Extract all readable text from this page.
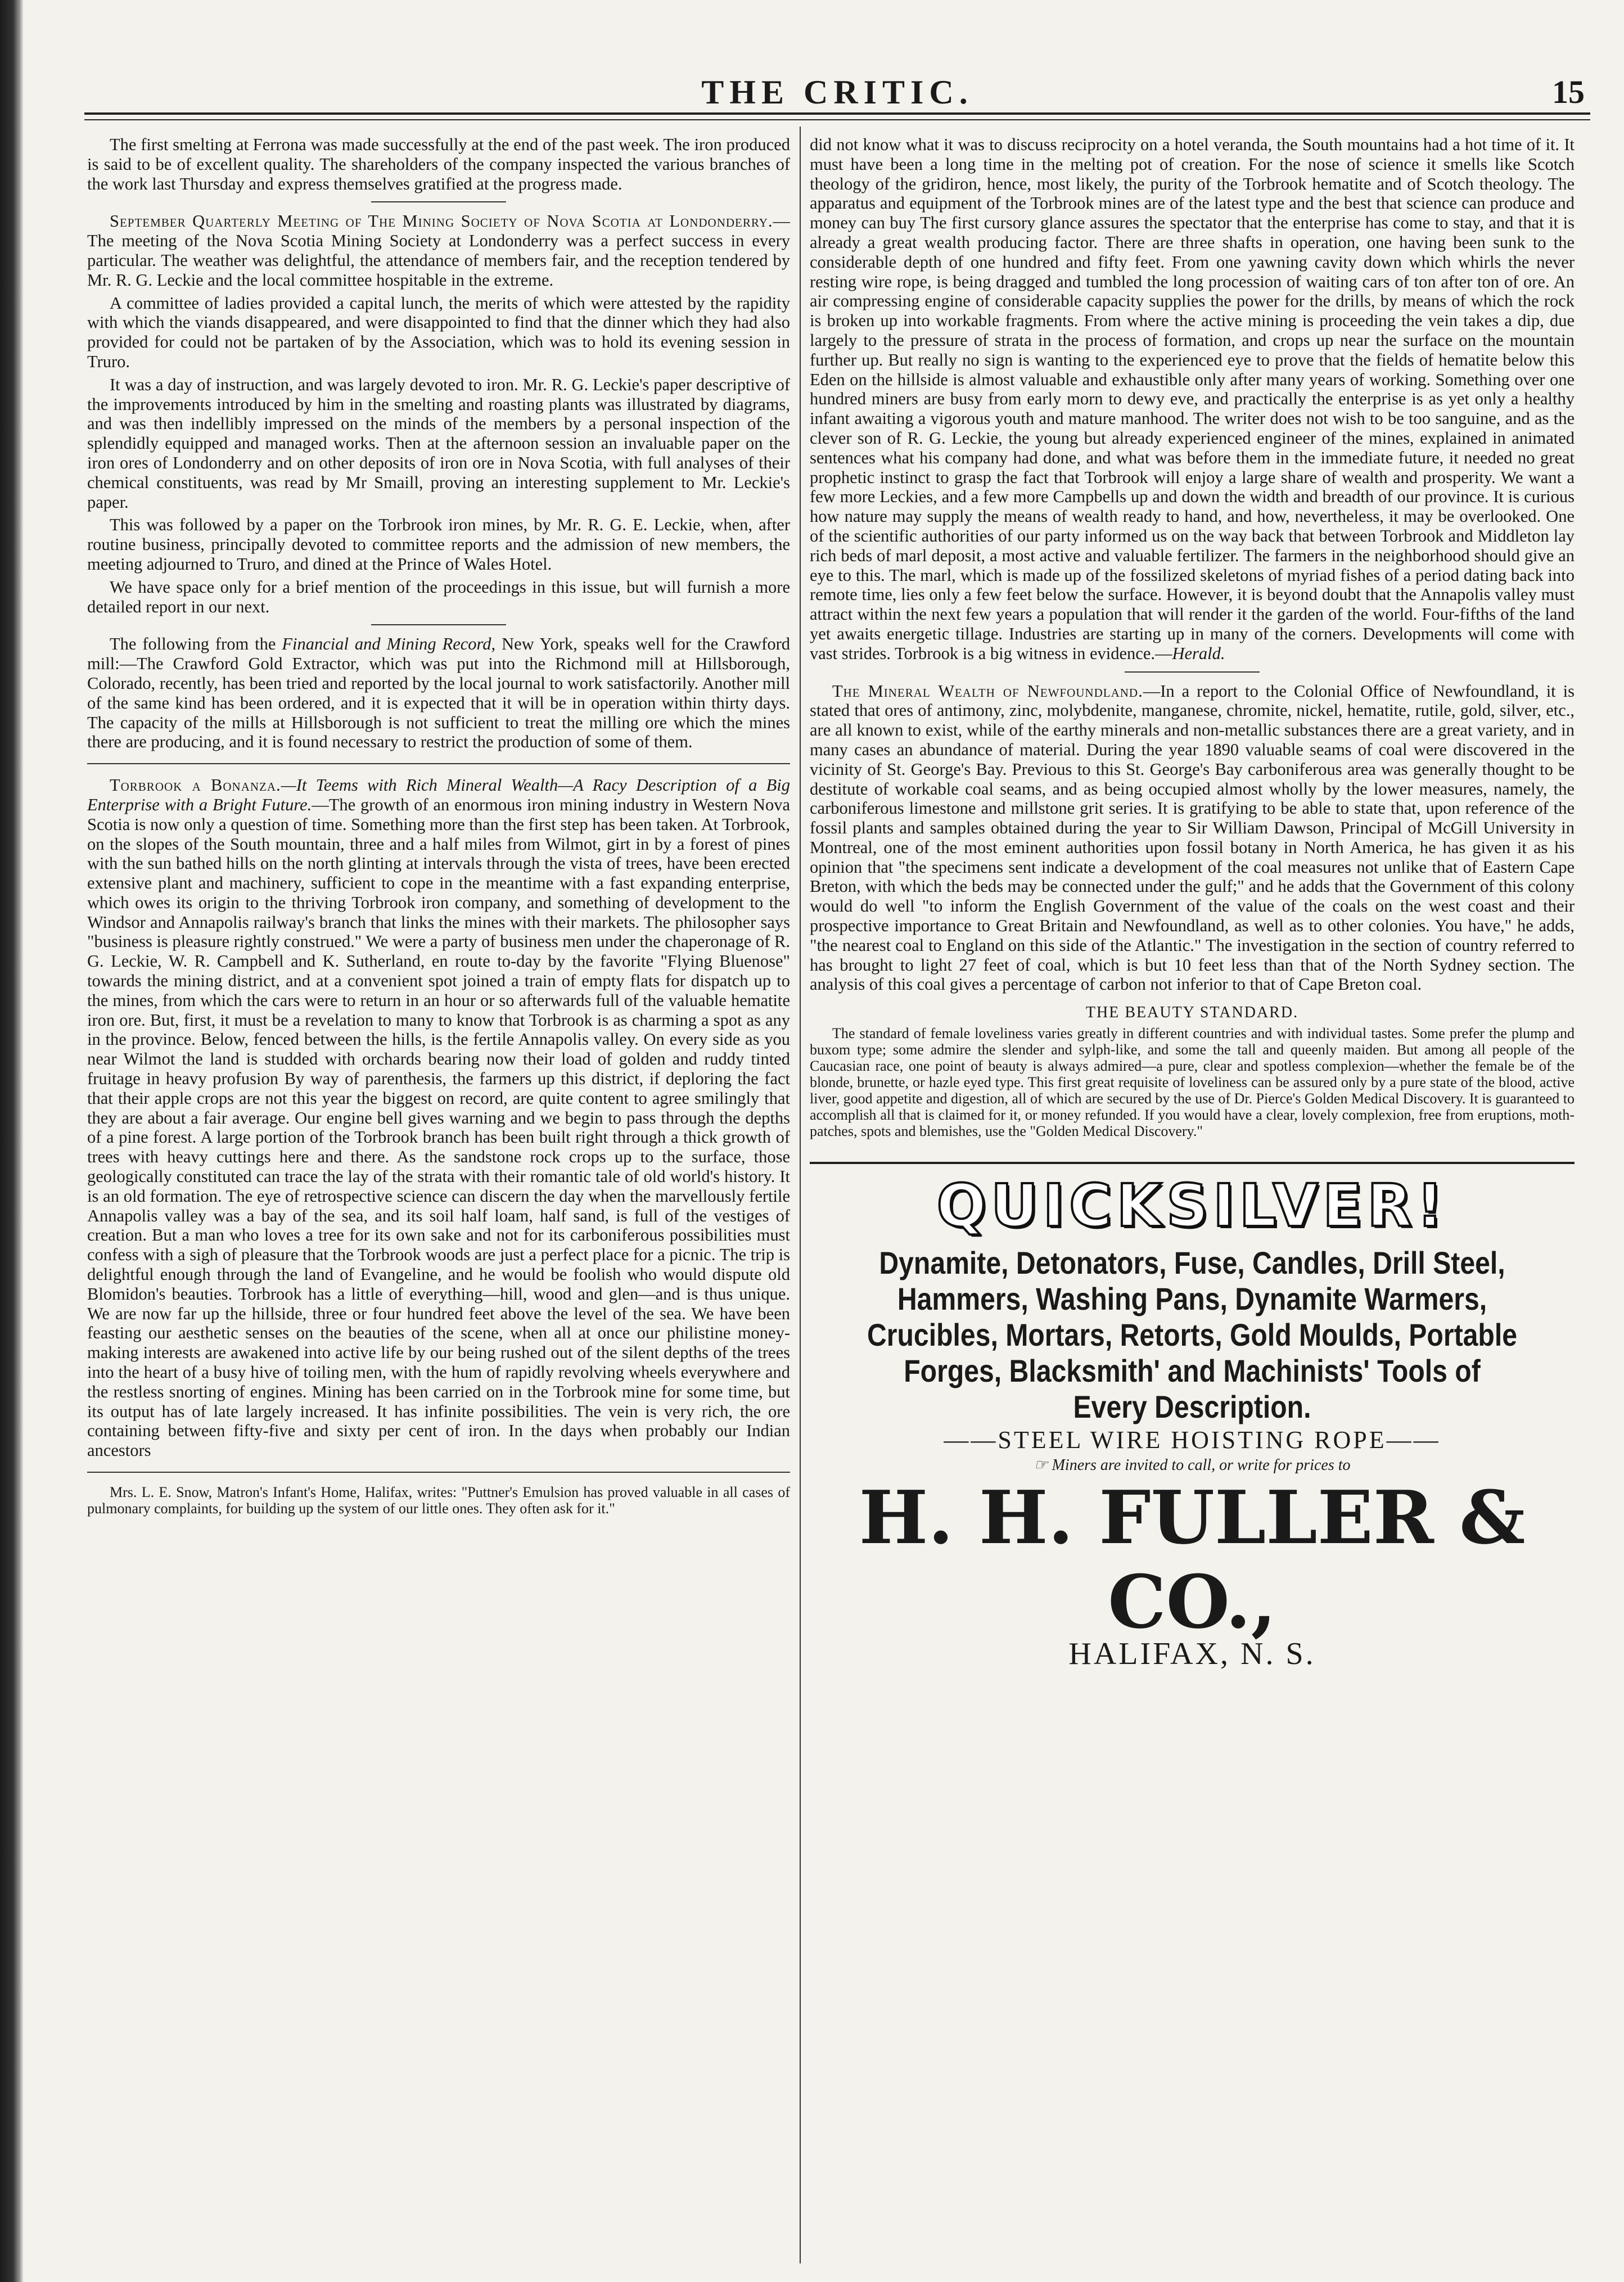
THE CRITIC.	15

The first smelting at Ferrona was made successfully at the end of the past week. The iron produced is said to be of excellent quality. The shareholders of the company inspected the various branches of the work last Thursday and express themselves gratified at the progress made.

September Quarterly Meeting of The Mining Society of Nova Scotia at Londonderry.—The meeting of the Nova Scotia Mining Society at Londonderry was a perfect success in every particular. The weather was delightful, the attendance of members fair, and the reception tendered by Mr. R. G. Leckie and the local committee hospitable in the extreme.

A committee of ladies provided a capital lunch, the merits of which were attested by the rapidity with which the viands disappeared, and were disappointed to find that the dinner which they had also provided for could not be partaken of by the Association, which was to hold its evening session in Truro.

It was a day of instruction, and was largely devoted to iron. Mr. R. G. Leckie's paper descriptive of the improvements introduced by him in the smelting and roasting plants was illustrated by diagrams, and was then indellibly impressed on the minds of the members by a personal inspection of the splendidly equipped and managed works. Then at the afternoon session an invaluable paper on the iron ores of Londonderry and on other deposits of iron ore in Nova Scotia, with full analyses of their chemical constituents, was read by Mr Smaill, proving an interesting supplement to Mr. Leckie's paper.

This was followed by a paper on the Torbrook iron mines, by Mr. R. G. E. Leckie, when, after routine business, principally devoted to committee reports and the admission of new members, the meeting adjourned to Truro, and dined at the Prince of Wales Hotel.

We have space only for a brief mention of the proceedings in this issue, but will furnish a more detailed report in our next.

The following from the Financial and Mining Record, New York, speaks well for the Crawford mill:—The Crawford Gold Extractor, which was put into the Richmond mill at Hillsborough, Colorado, recently, has been tried and reported by the local journal to work satisfactorily. Another mill of the same kind has been ordered, and it is expected that it will be in operation within thirty days. The capacity of the mills at Hillsborough is not sufficient to treat the milling ore which the mines there are producing, and it is found necessary to restrict the production of some of them.

Torbrook a Bonanza.—It Teems with Rich Mineral Wealth—A Racy Description of a Big Enterprise with a Bright Future.—The growth of an enormous iron mining industry in Western Nova Scotia is now only a question of time. Something more than the first step has been taken. At Torbrook, on the slopes of the South mountain, three and a half miles from Wilmot, girt in by a forest of pines with the sun bathed hills on the north glinting at intervals through the vista of trees, have been erected extensive plant and machinery, sufficient to cope in the meantime with a fast expanding enterprise, which owes its origin to the thriving Torbrook iron company, and something of development to the Windsor and Annapolis railway's branch that links the mines with their markets. The philosopher says "business is pleasure rightly construed." We were a party of business men under the chaperonage of R. G. Leckie, W. R. Campbell and K. Sutherland, en route to-day by the favorite "Flying Bluenose" towards the mining district, and at a convenient spot joined a train of empty flats for dispatch up to the mines, from which the cars were to return in an hour or so afterwards full of the valuable hematite iron ore. But, first, it must be a revelation to many to know that Torbrook is as charming a spot as any in the province. Below, fenced between the hills, is the fertile Annapolis valley. On every side as you near Wilmot the land is studded with orchards bearing now their load of golden and ruddy tinted fruitage in heavy profusion By way of parenthesis, the farmers up this district, if deploring the fact that their apple crops are not this year the biggest on record, are quite content to agree smilingly that they are about a fair average. Our engine bell gives warning and we begin to pass through the depths of a pine forest. A large portion of the Torbrook branch has been built right through a thick growth of trees with heavy cuttings here and there. As the sandstone rock crops up to the surface, those geologically constituted can trace the lay of the strata with their romantic tale of old world's history. It is an old formation. The eye of retrospective science can discern the day when the marvellously fertile Annapolis valley was a bay of the sea, and its soil half loam, half sand, is full of the vestiges of creation. But a man who loves a tree for its own sake and not for its carboniferous possibilities must confess with a sigh of pleasure that the Torbrook woods are just a perfect place for a picnic. The trip is delightful enough through the land of Evangeline, and he would be foolish who would dispute old Blomidon's beauties. Torbrook has a little of everything—hill, wood and glen—and is thus unique. We are now far up the hillside, three or four hundred feet above the level of the sea. We have been feasting our aesthetic senses on the beauties of the scene, when all at once our philistine money-making interests are awakened into active life by our being rushed out of the silent depths of the trees into the heart of a busy hive of toiling men, with the hum of rapidly revolving wheels everywhere and the restless snorting of engines. Mining has been carried on in the Torbrook mine for some time, but its output has of late largely increased. It has infinite possibilities. The vein is very rich, the ore containing between fifty-five and sixty per cent of iron. In the days when probably our Indian ancestors

Mrs. L. E. Snow, Matron's Infant's Home, Halifax, writes: "Puttner's Emulsion has proved valuable in all cases of pulmonary complaints, for building up the system of our little ones. They often ask for it."

did not know what it was to discuss reciprocity on a hotel veranda, the South mountains had a hot time of it. It must have been a long time in the melting pot of creation. For the nose of science it smells like Scotch theology of the gridiron, hence, most likely, the purity of the Torbrook hematite and of Scotch theology. The apparatus and equipment of the Torbrook mines are of the latest type and the best that science can produce and money can buy The first cursory glance assures the spectator that the enterprise has come to stay, and that it is already a great wealth producing factor. There are three shafts in operation, one having been sunk to the considerable depth of one hundred and fifty feet. From one yawning cavity down which whirls the never resting wire rope, is being dragged and tumbled the long procession of waiting cars of ton after ton of ore. An air compressing engine of considerable capacity supplies the power for the drills, by means of which the rock is broken up into workable fragments. From where the active mining is proceeding the vein takes a dip, due largely to the pressure of strata in the process of formation, and crops up near the surface on the mountain further up. But really no sign is wanting to the experienced eye to prove that the fields of hematite below this Eden on the hillside is almost valuable and exhaustible only after many years of working. Something over one hundred miners are busy from early morn to dewy eve, and practically the enterprise is as yet only a healthy infant awaiting a vigorous youth and mature manhood. The writer does not wish to be too sanguine, and as the clever son of R. G. Leckie, the young but already experienced engineer of the mines, explained in animated sentences what his company had done, and what was before them in the immediate future, it needed no great prophetic instinct to grasp the fact that Torbrook will enjoy a large share of wealth and prosperity. We want a few more Leckies, and a few more Campbells up and down the width and breadth of our province. It is curious how nature may supply the means of wealth ready to hand, and how, nevertheless, it may be overlooked. One of the scientific authorities of our party informed us on the way back that between Torbrook and Middleton lay rich beds of marl deposit, a most active and valuable fertilizer. The farmers in the neighborhood should give an eye to this. The marl, which is made up of the fossilized skeletons of myriad fishes of a period dating back into remote time, lies only a few feet below the surface. However, it is beyond doubt that the Annapolis valley must attract within the next few years a population that will render it the garden of the world. Four-fifths of the land yet awaits energetic tillage. Industries are starting up in many of the corners. Developments will come with vast strides. Torbrook is a big witness in evidence.—Herald.

The Mineral Wealth of Newfoundland.—In a report to the Colonial Office of Newfoundland, it is stated that ores of antimony, zinc, molybdenite, manganese, chromite, nickel, hematite, rutile, gold, silver, etc., are all known to exist, while of the earthy minerals and non-metallic substances there are a great variety, and in many cases an abundance of material. During the year 1890 valuable seams of coal were discovered in the vicinity of St. George's Bay. Previous to this St. George's Bay carboniferous area was generally thought to be destitute of workable coal seams, and as being occupied almost wholly by the lower measures, namely, the carboniferous limestone and millstone grit series. It is gratifying to be able to state that, upon reference of the fossil plants and samples obtained during the year to Sir William Dawson, Principal of McGill University in Montreal, one of the most eminent authorities upon fossil botany in North America, he has given it as his opinion that "the specimens sent indicate a development of the coal measures not unlike that of Eastern Cape Breton, with which the beds may be connected under the gulf;" and he adds that the Government of this colony would do well "to inform the English Government of the value of the coals on the west coast and their prospective importance to Great Britain and Newfoundland, as well as to other colonies. You have," he adds, "the nearest coal to England on this side of the Atlantic." The investigation in the section of country referred to has brought to light 27 feet of coal, which is but 10 feet less than that of the North Sydney section. The analysis of this coal gives a percentage of carbon not inferior to that of Cape Breton coal.

THE BEAUTY STANDARD.

The standard of female loveliness varies greatly in different countries and with individual tastes. Some prefer the plump and buxom type; some admire the slender and sylph-like, and some the tall and queenly maiden. But among all people of the Caucasian race, one point of beauty is always admired—a pure, clear and spotless complexion—whether the female be of the blonde, brunette, or hazle eyed type. This first great requisite of loveliness can be assured only by a pure state of the blood, active liver, good appetite and digestion, all of which are secured by the use of Dr. Pierce's Golden Medical Discovery. It is guaranteed to accomplish all that is claimed for it, or money refunded. If you would have a clear, lovely complexion, free from eruptions, moth-patches, spots and blemishes, use the "Golden Medical Discovery."

QUICKSILVER!
Dynamite, Detonators, Fuse, Candles, Drill Steel, Hammers, Washing Pans, Dynamite Warmers, Crucibles, Mortars, Retorts, Gold Moulds, Portable Forges, Blacksmith' and Machinists' Tools of Every Description.
——STEEL WIRE HOISTING ROPE——
☞ Miners are invited to call, or write for prices to
H. H. FULLER & CO.,
HALIFAX, N. S.
